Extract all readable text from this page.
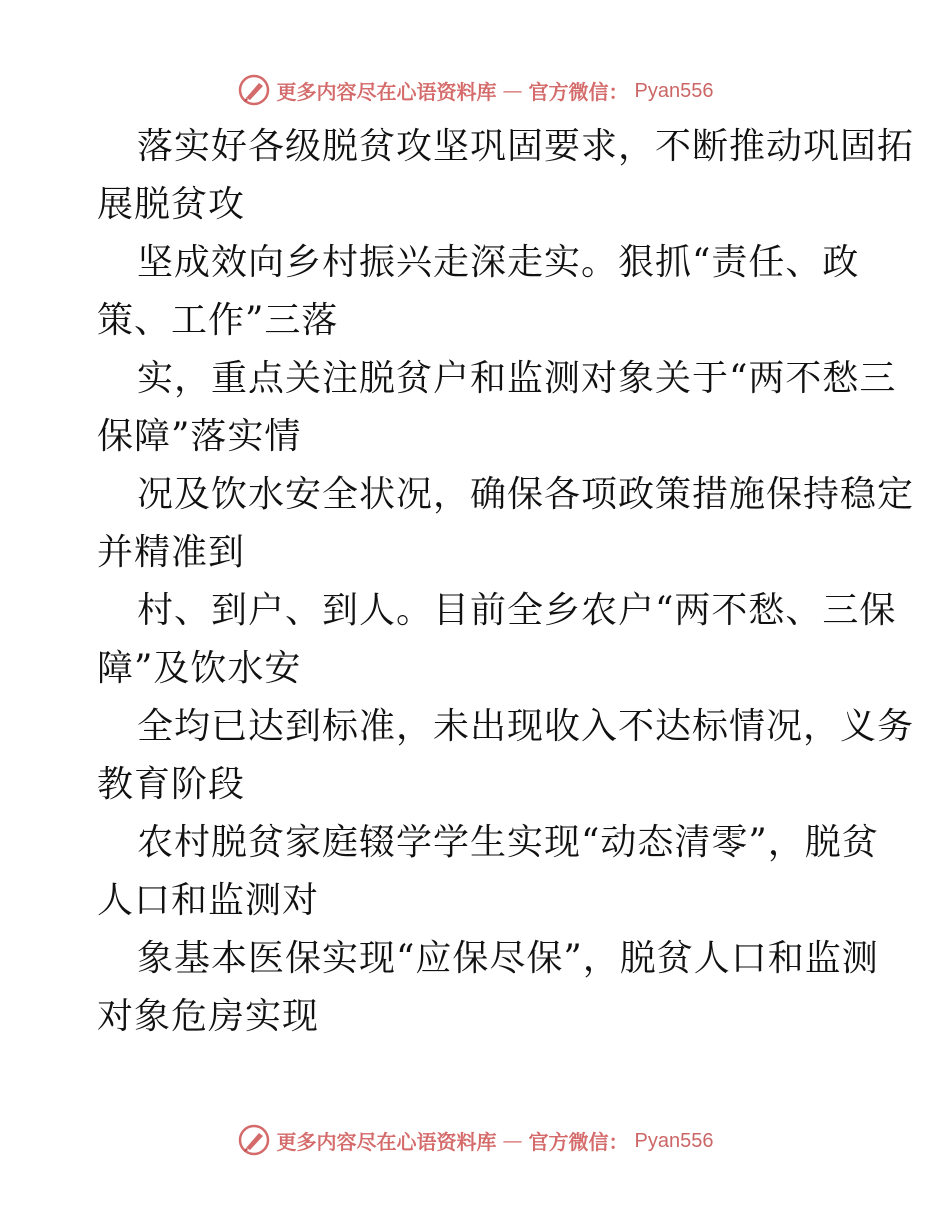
更多内容尽在心语资料库 — 官方微信： Pyan556
落实好各级脱贫攻坚巩固要求，不断推动巩固拓
展脱贫攻
坚成效向乡村振兴走深走实。狠抓“责任、政
策、工作”三落
实，重点关注脱贫户和监测对象关于“两不愁三
保障”落实情
况及饮水安全状况，确保各项政策措施保持稳定
并精准到
村、到户、到人。目前全乡农户“两不愁、三保
障”及饮水安
全均已达到标准，未出现收入不达标情况，义务
教育阶段
农村脱贫家庭辍学学生实现“动态清零”，脱贫
人口和监测对
象基本医保实现“应保尽保”，脱贫人口和监测
对象危房实现
更多内容尽在心语资料库 — 官方微信： Pyan556
